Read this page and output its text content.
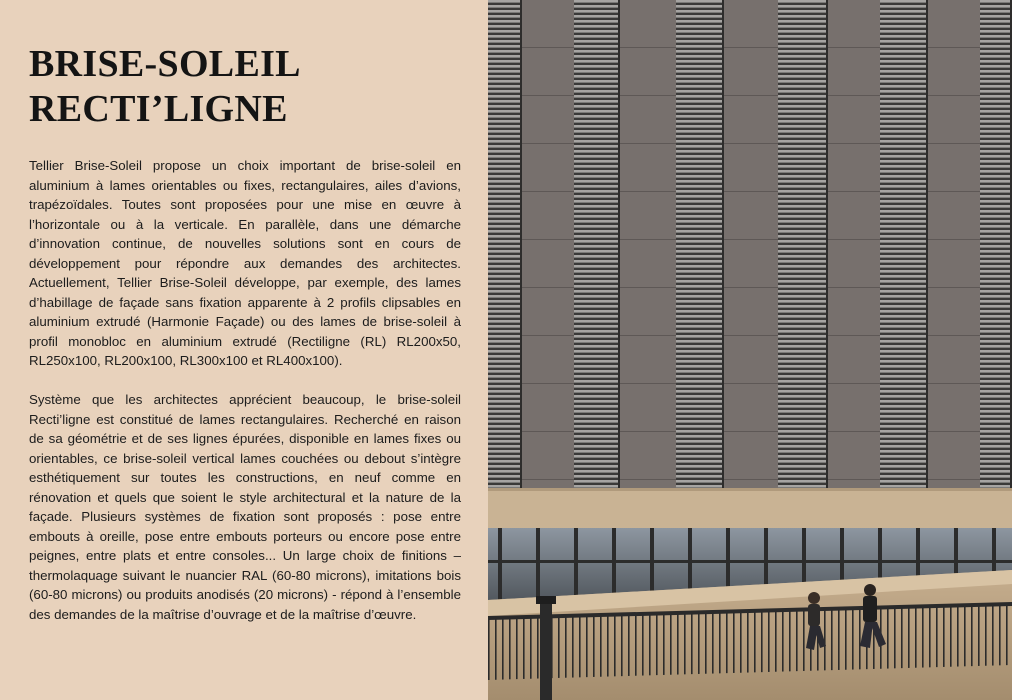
BRISE-SOLEIL
RECTI’LIGNE

Tellier Brise-Soleil propose un choix important de brise-soleil en aluminium à lames orientables ou fixes, rectangulaires, ailes d’avions, trapézoïdales. Toutes sont proposées pour une mise en œuvre à l’horizontale ou à la verticale. En parallèle, dans une démarche d’innovation continue, de nouvelles solutions sont en cours de développement pour répondre aux demandes des architectes. Actuellement, Tellier Brise-Soleil développe, par exemple, des lames d’habillage de façade sans fixation apparente à 2 profils clipsables en aluminium extrudé (Harmonie Façade) ou des lames de brise-soleil à profil monobloc en aluminium extrudé (Rectiligne (RL) RL200x50, RL250x100, RL200x100, RL300x100 et RL400x100).

Système que les architectes apprécient beaucoup, le brise-soleil Recti’ligne est constitué de lames rectangulaires. Recherché en raison de sa géométrie et de ses lignes épurées, disponible en lames fixes ou orientables, ce brise-soleil vertical lames couchées ou debout s’intègre esthétiquement sur toutes les constructions, en neuf comme en rénovation et quels que soient le style architectural et la nature de la façade. Plusieurs systèmes de fixation sont proposés : pose entre embouts à oreille, pose entre embouts porteurs ou encore pose entre peignes, entre plats et entre consoles... Un large choix de finitions – thermolaquage suivant le nuancier RAL (60-80 microns), imitations bois (60-80 microns) ou produits anodisés (20 microns) - répond à l’ensemble des demandes de la maîtrise d’ouvrage et de la maîtrise d’œuvre.
